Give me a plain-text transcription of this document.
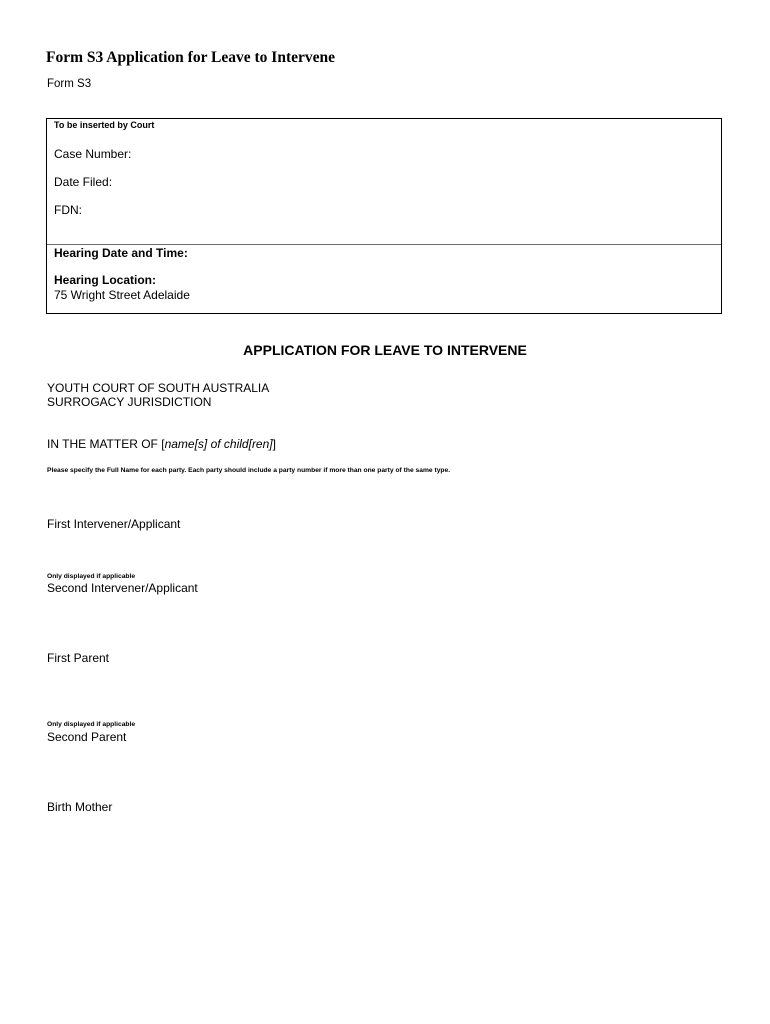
Form S3 Application for Leave to Intervene
Form S3
To be inserted by Court
Case Number:
Date Filed:
FDN:
Hearing Date and Time:
Hearing Location:
75 Wright Street Adelaide
APPLICATION FOR LEAVE TO INTERVENE
YOUTH COURT OF SOUTH AUSTRALIA
SURROGACY JURISDICTION
IN THE MATTER OF [name[s] of child[ren]]
Please specify the Full Name for each party. Each party should include a party number if more than one party of the same type.
First Intervener/Applicant
Only displayed if applicable
Second Intervener/Applicant
First Parent
Only displayed if applicable
Second Parent
Birth Mother
